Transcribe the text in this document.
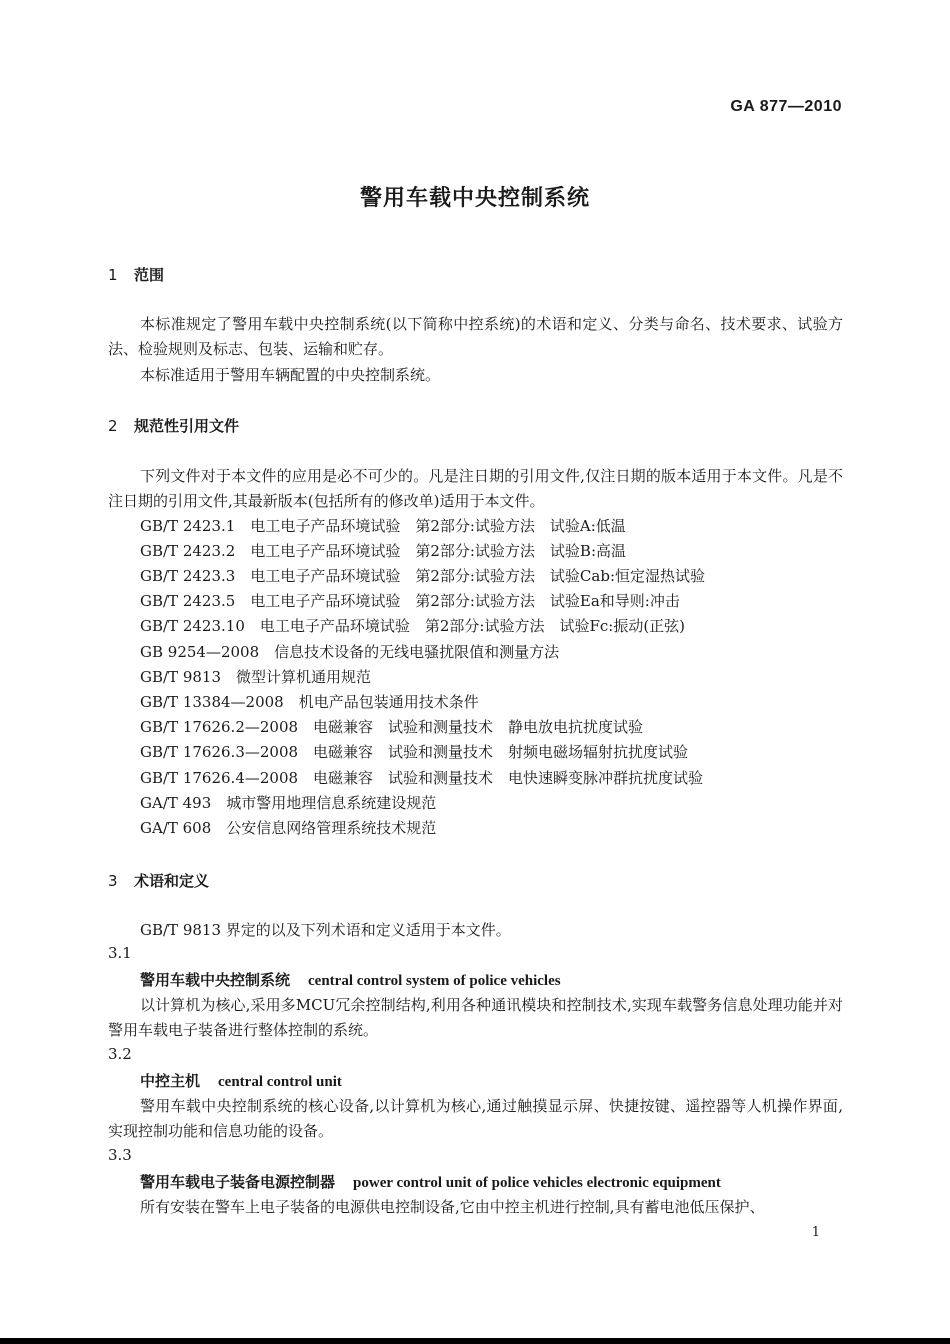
GA 877—2010
警用车载中央控制系统
1 范围
本标准规定了警用车载中央控制系统(以下简称中控系统)的术语和定义、分类与命名、技术要求、试验方法、检验规则及标志、包装、运输和贮存。
本标准适用于警用车辆配置的中央控制系统。
2 规范性引用文件
下列文件对于本文件的应用是必不可少的。凡是注日期的引用文件,仅注日期的版本适用于本文件。凡是不注日期的引用文件,其最新版本(包括所有的修改单)适用于本文件。
GB/T 2423.1　电工电子产品环境试验　第2部分:试验方法　试验A:低温
GB/T 2423.2　电工电子产品环境试验　第2部分:试验方法　试验B:高温
GB/T 2423.3　电工电子产品环境试验　第2部分:试验方法　试验Cab:恒定湿热试验
GB/T 2423.5　电工电子产品环境试验　第2部分:试验方法　试验Ea和导则:冲击
GB/T 2423.10　电工电子产品环境试验　第2部分:试验方法　试验Fc:振动(正弦)
GB 9254—2008　信息技术设备的无线电骚扰限值和测量方法
GB/T 9813　微型计算机通用规范
GB/T 13384—2008　机电产品包装通用技术条件
GB/T 17626.2—2008　电磁兼容　试验和测量技术　静电放电抗扰度试验
GB/T 17626.3—2008　电磁兼容　试验和测量技术　射频电磁场辐射抗扰度试验
GB/T 17626.4—2008　电磁兼容　试验和测量技术　电快速瞬变脉冲群抗扰度试验
GA/T 493　城市警用地理信息系统建设规范
GA/T 608　公安信息网络管理系统技术规范
3 术语和定义
GB/T 9813 界定的以及下列术语和定义适用于本文件。
3.1
警用车载中央控制系统 central control system of police vehicles
以计算机为核心,采用多MCU冗余控制结构,利用各种通讯模块和控制技术,实现车载警务信息处理功能并对警用车载电子装备进行整体控制的系统。
3.2
中控主机 central control unit
警用车载中央控制系统的核心设备,以计算机为核心,通过触摸显示屏、快捷按键、遥控器等人机操作界面,实现控制功能和信息功能的设备。
3.3
警用车载电子装备电源控制器 power control unit of police vehicles electronic equipment
所有安装在警车上电子装备的电源供电控制设备,它由中控主机进行控制,具有蓄电池低压保护、
1
